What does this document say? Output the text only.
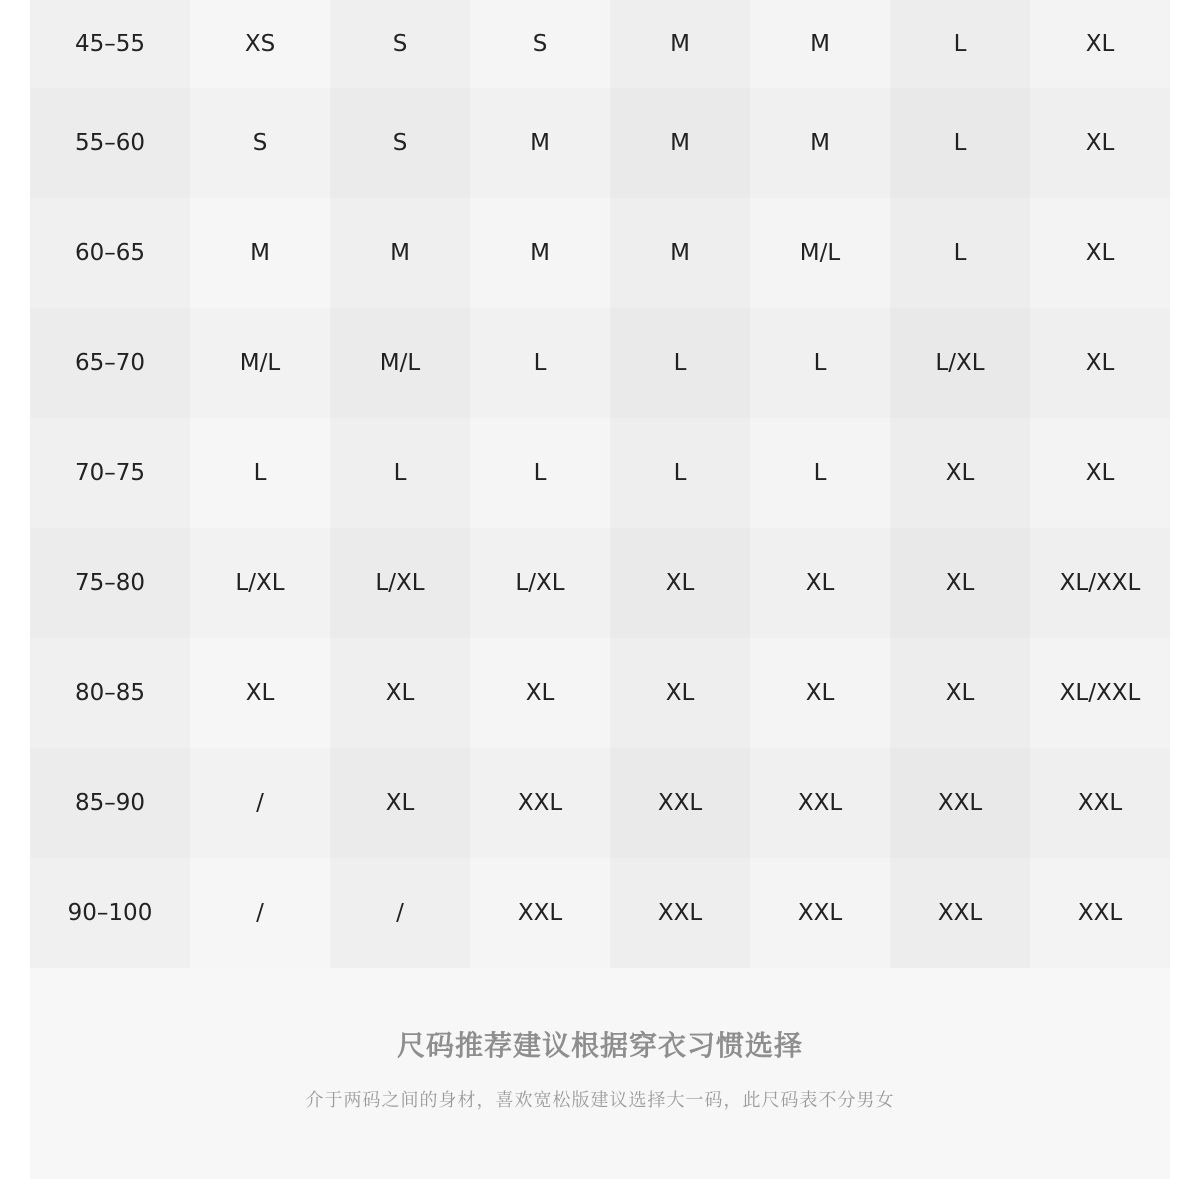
45–55	XS	S	S	M	M	L	XL
55–60	S	S	M	M	M	L	XL
60–65	M	M	M	M	M/L	L	XL
65–70	M/L	M/L	L	L	L	L/XL	XL
70–75	L	L	L	L	L	XL	XL
75–80	L/XL	L/XL	L/XL	XL	XL	XL	XL/XXL
80–85	XL	XL	XL	XL	XL	XL	XL/XXL
85–90	/	XL	XXL	XXL	XXL	XXL	XXL
90–100	/	/	XXL	XXL	XXL	XXL	XXL
尺码推荐建议根据穿衣习惯选择
介于两码之间的身材，喜欢宽松版建议选择大一码，此尺码表不分男女
